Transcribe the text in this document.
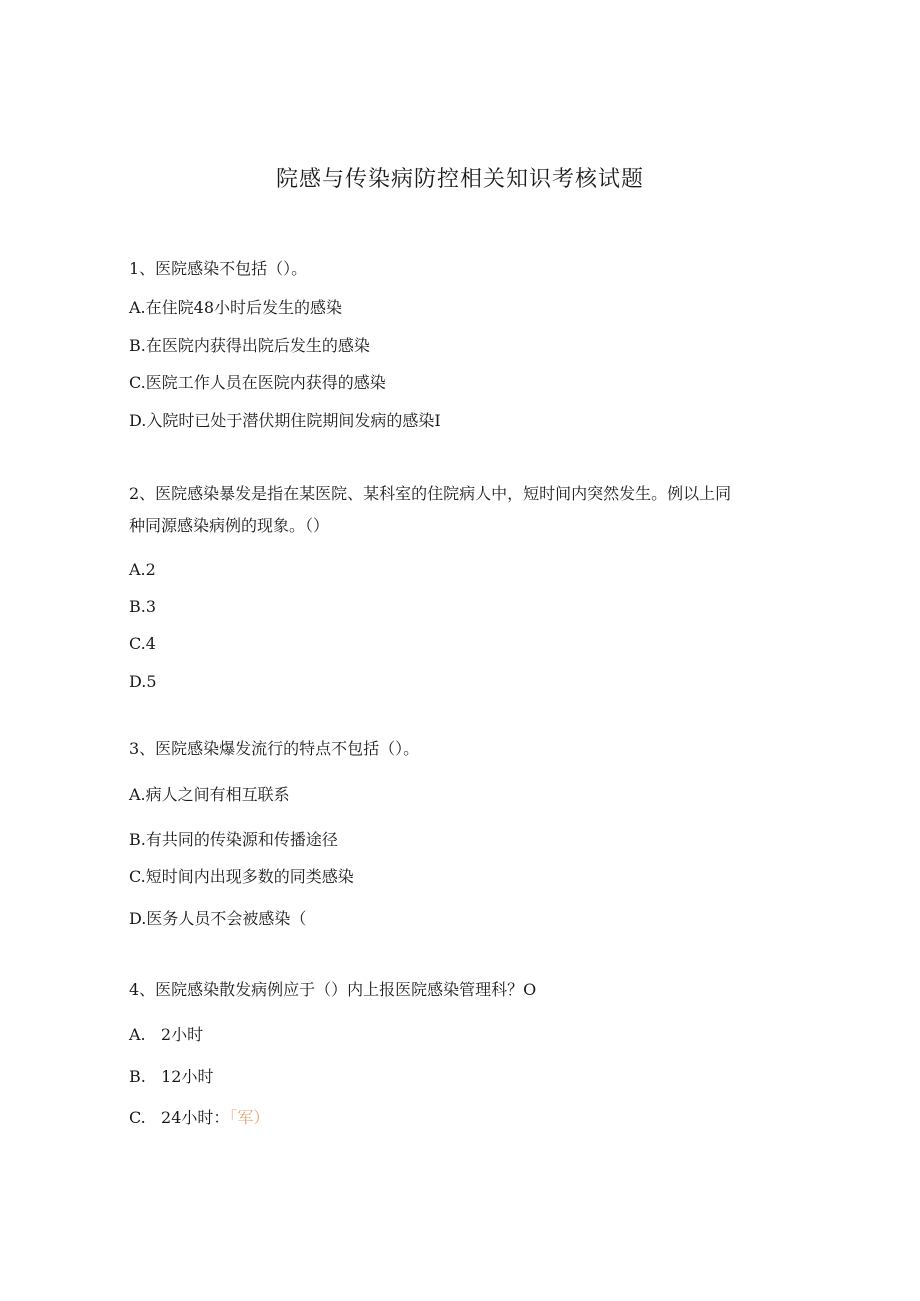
院感与传染病防控相关知识考核试题
1、医院感染不包括（）。
A.在住院48小时后发生的感染
B.在医院内获得出院后发生的感染
C.医院工作人员在医院内获得的感染
D.入院时已处于潜伏期住院期间发病的感染I
2、医院感染暴发是指在某医院、某科室的住院病人中，短时间内突然发生。例以上同
种同源感染病例的现象。（）
A.2
B.3
C.4
D.5
3、医院感染爆发流行的特点不包括（）。
A.病人之间有相互联系
B.有共同的传染源和传播途径
C.短时间内出现多数的同类感染
D.医务人员不会被感染（
4、医院感染散发病例应于（）内上报医院感染管理科？O
A.   2小时
B.   12小时
C.   24小时：「军）
